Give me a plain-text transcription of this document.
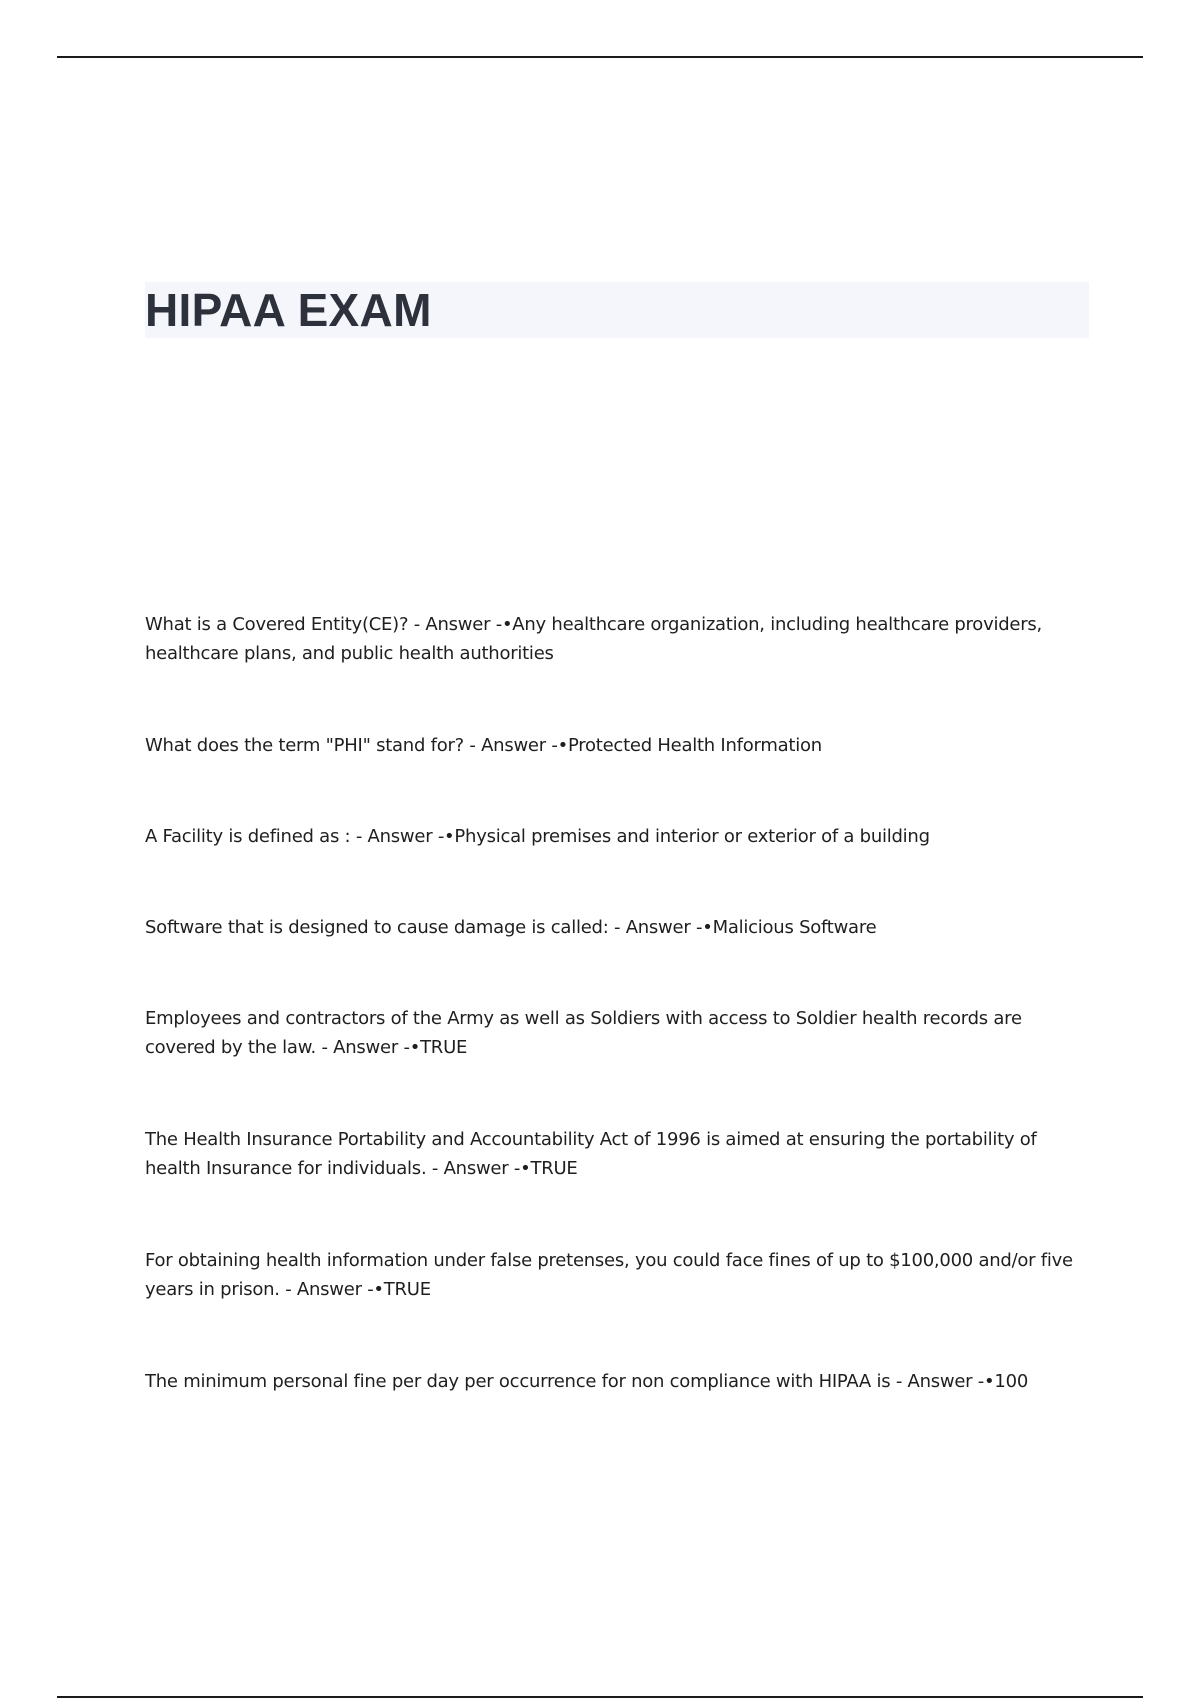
HIPAA EXAM
What is a Covered Entity(CE)? - Answer -•Any healthcare organization, including healthcare providers, healthcare plans, and public health authorities
What does the term "PHI" stand for? - Answer -•Protected Health Information
A Facility is defined as : - Answer -•Physical premises and interior or exterior of a building
Software that is designed to cause damage is called: - Answer -•Malicious Software
Employees and contractors of the Army as well as Soldiers with access to Soldier health records are covered by the law. - Answer -•TRUE
The Health Insurance Portability and Accountability Act of 1996 is aimed at ensuring the portability of health Insurance for individuals. - Answer -•TRUE
For obtaining health information under false pretenses, you could face fines of up to $100,000 and/or five years in prison. - Answer -•TRUE
The minimum personal fine per day per occurrence for non compliance with HIPAA is - Answer -•100
